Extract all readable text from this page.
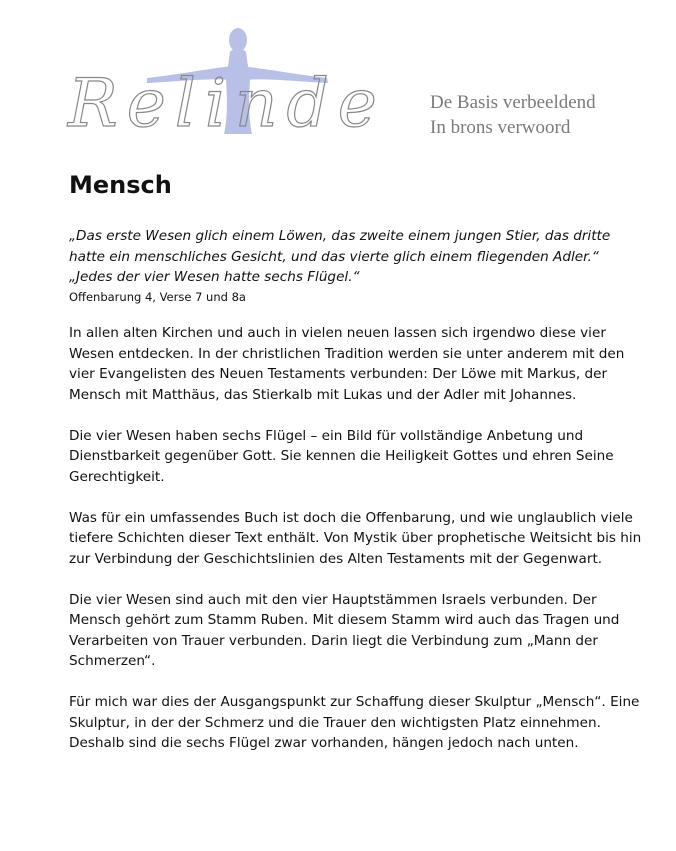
Relinde De Basis verbeeldend
In brons verwoord
Mensch

„Das erste Wesen glich einem Löwen, das zweite einem jungen Stier, das dritte hatte ein menschliches Gesicht, und das vierte glich einem fliegenden Adler.“

„Jedes der vier Wesen hatte sechs Flügel.“

Offenbarung 4, Verse 7 und 8a

In allen alten Kirchen und auch in vielen neuen lassen sich irgendwo diese vier Wesen entdecken. In der christlichen Tradition werden sie unter anderem mit den vier Evangelisten des Neuen Testaments verbunden: Der Löwe mit Markus, der Mensch mit Matthäus, das Stierkalb mit Lukas und der Adler mit Johannes.

Die vier Wesen haben sechs Flügel – ein Bild für vollständige Anbetung und Dienstbarkeit gegenüber Gott. Sie kennen die Heiligkeit Gottes und ehren Seine Gerechtigkeit.

Was für ein umfassendes Buch ist doch die Offenbarung, und wie unglaublich viele tiefere Schichten dieser Text enthält. Von Mystik über prophetische Weitsicht bis hin zur Verbindung der Geschichtslinien des Alten Testaments mit der Gegenwart.

Die vier Wesen sind auch mit den vier Hauptstämmen Israels verbunden. Der Mensch gehört zum Stamm Ruben. Mit diesem Stamm wird auch das Tragen und Verarbeiten von Trauer verbunden. Darin liegt die Verbindung zum „Mann der Schmerzen“.

Für mich war dies der Ausgangspunkt zur Schaffung dieser Skulptur „Mensch“. Eine Skulptur, in der der Schmerz und die Trauer den wichtigsten Platz einnehmen.

Deshalb sind die sechs Flügel zwar vorhanden, hängen jedoch nach unten.
